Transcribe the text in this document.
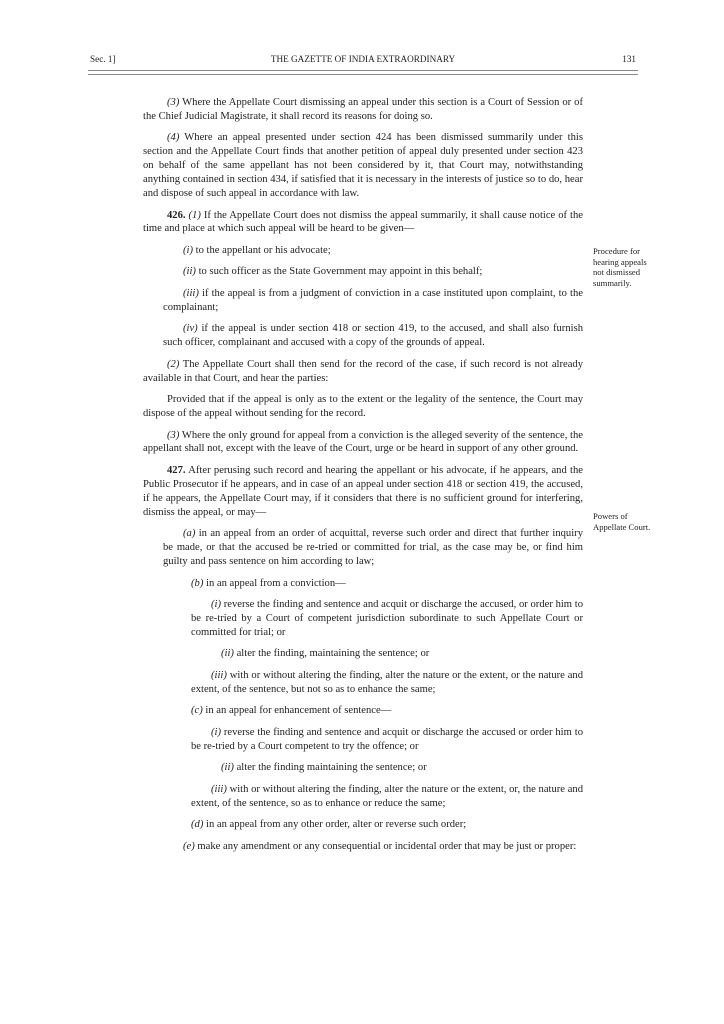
Sec. 1]	THE GAZETTE OF INDIA EXTRAORDINARY	131

(3) Where the Appellate Court dismissing an appeal under this section is a Court of Session or of the Chief Judicial Magistrate, it shall record its reasons for doing so.

(4) Where an appeal presented under section 424 has been dismissed summarily under this section and the Appellate Court finds that another petition of appeal duly presented under section 423 on behalf of the same appellant has not been considered by it, that Court may, notwithstanding anything contained in section 434, if satisfied that it is necessary in the interests of justice so to do, hear and dispose of such appeal in accordance with law.

426. (1) If the Appellate Court does not dismiss the appeal summarily, it shall cause notice of the time and place at which such appeal will be heard to be given—

(i) to the appellant or his advocate;

(ii) to such officer as the State Government may appoint in this behalf;

(iii) if the appeal is from a judgment of conviction in a case instituted upon complaint, to the complainant;

(iv) if the appeal is under section 418 or section 419, to the accused, and shall also furnish such officer, complainant and accused with a copy of the grounds of appeal.

(2) The Appellate Court shall then send for the record of the case, if such record is not already available in that Court, and hear the parties:

Provided that if the appeal is only as to the extent or the legality of the sentence, the Court may dispose of the appeal without sending for the record.

(3) Where the only ground for appeal from a conviction is the alleged severity of the sentence, the appellant shall not, except with the leave of the Court, urge or be heard in support of any other ground.

427. After perusing such record and hearing the appellant or his advocate, if he appears, and the Public Prosecutor if he appears, and in case of an appeal under section 418 or section 419, the accused, if he appears, the Appellate Court may, if it considers that there is no sufficient ground for interfering, dismiss the appeal, or may—

(a) in an appeal from an order of acquittal, reverse such order and direct that further inquiry be made, or that the accused be re-tried or committed for trial, as the case may be, or find him guilty and pass sentence on him according to law;

(b) in an appeal from a conviction—

(i) reverse the finding and sentence and acquit or discharge the accused, or order him to be re-tried by a Court of competent jurisdiction subordinate to such Appellate Court or committed for trial; or

(ii) alter the finding, maintaining the sentence; or

(iii) with or without altering the finding, alter the nature or the extent, or the nature and extent, of the sentence, but not so as to enhance the same;

(c) in an appeal for enhancement of sentence—

(i) reverse the finding and sentence and acquit or discharge the accused or order him to be re-tried by a Court competent to try the offence; or

(ii) alter the finding maintaining the sentence; or

(iii) with or without altering the finding, alter the nature or the extent, or, the nature and extent, of the sentence, so as to enhance or reduce the same;

(d) in an appeal from any other order, alter or reverse such order;

(e) make any amendment or any consequential or incidental order that may be just or proper:

Procedure for hearing appeals not dismissed summarily.
Powers of Appellate Court.
